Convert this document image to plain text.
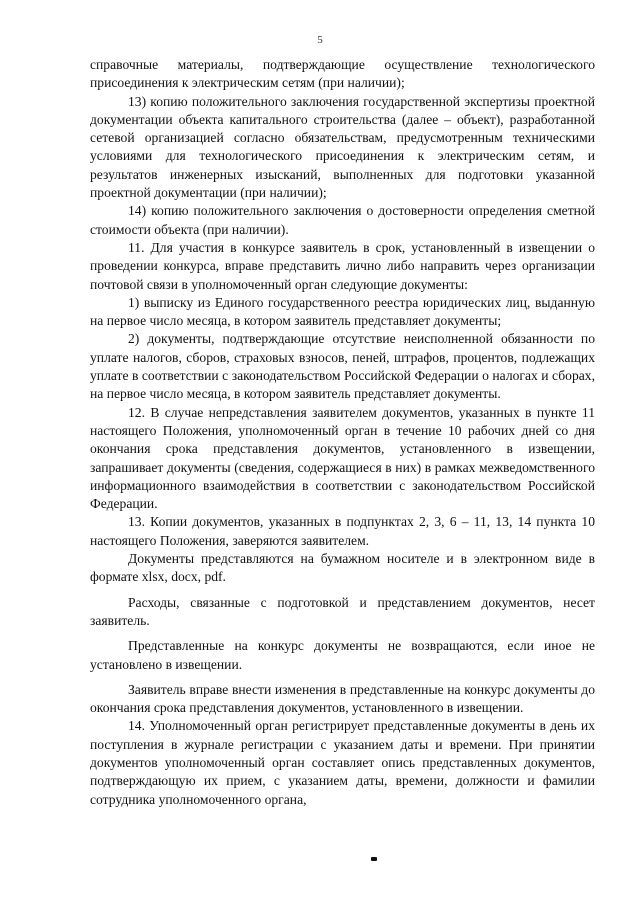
5

справочные материалы, подтверждающие осуществление технологического присоединения к электрическим сетям (при наличии);

13) копию положительного заключения государственной экспертизы проектной документации объекта капитального строительства (далее – объект), разработанной сетевой организацией согласно обязательствам, предусмотренным техническими условиями для технологического присоединения к электрическим сетям, и результатов инженерных изысканий, выполненных для подготовки указанной проектной документации (при наличии);

14) копию положительного заключения о достоверности определения сметной стоимости объекта (при наличии).

11. Для участия в конкурсе заявитель в срок, установленный в извещении о проведении конкурса, вправе представить лично либо направить через организации почтовой связи в уполномоченный орган следующие документы:

1) выписку из Единого государственного реестра юридических лиц, выданную на первое число месяца, в котором заявитель представляет документы;

2) документы, подтверждающие отсутствие неисполненной обязанности по уплате налогов, сборов, страховых взносов, пеней, штрафов, процентов, подлежащих уплате в соответствии с законодательством Российской Федерации о налогах и сборах, на первое число месяца, в котором заявитель представляет документы.

12. В случае непредставления заявителем документов, указанных в пункте 11 настоящего Положения, уполномоченный орган в течение 10 рабочих дней со дня окончания срока представления документов, установленного в извещении, запрашивает документы (сведения, содержащиеся в них) в рамках межведомственного информационного взаимодействия в соответствии с законодательством Российской Федерации.

13. Копии документов, указанных в подпунктах 2, 3, 6 – 11, 13, 14 пункта 10 настоящего Положения, заверяются заявителем.

Документы представляются на бумажном носителе и в электронном виде в формате xlsx, docx, pdf.

Расходы, связанные с подготовкой и представлением документов, несет заявитель.

Представленные на конкурс документы не возвращаются, если иное не установлено в извещении.

Заявитель вправе внести изменения в представленные на конкурс документы до окончания срока представления документов, установленного в извещении.

14. Уполномоченный орган регистрирует представленные документы в день их поступления в журнале регистрации с указанием даты и времени. При принятии документов уполномоченный орган составляет опись представленных документов, подтверждающую их прием, с указанием даты, времени, должности и фамилии сотрудника уполномоченного органа,
